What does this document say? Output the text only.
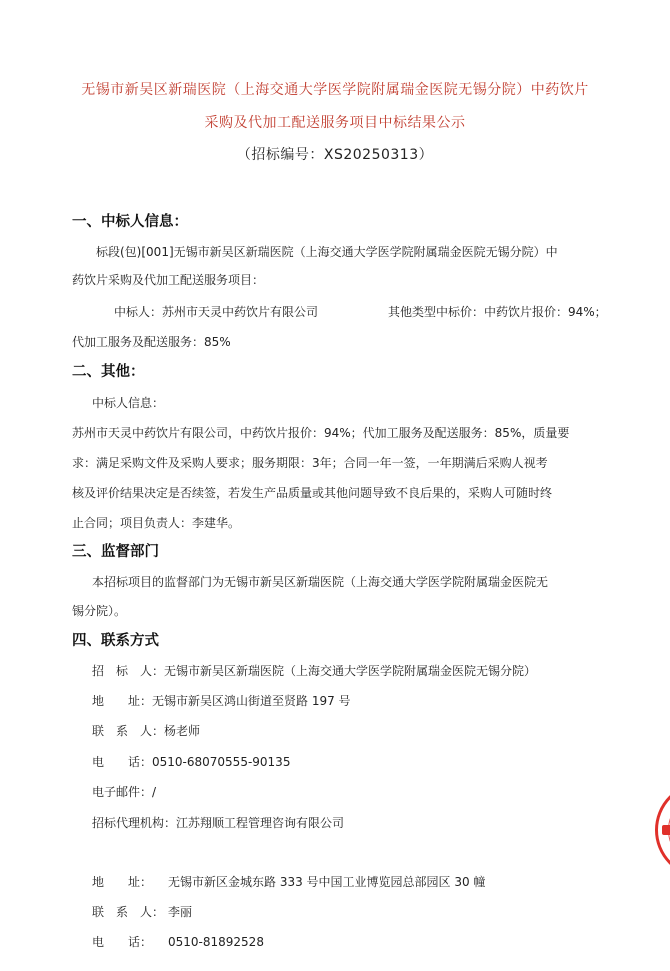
无锡市新吴区新瑞医院（上海交通大学医学院附属瑞金医院无锡分院）中药饮片
采购及代加工配送服务项目中标结果公示
（招标编号：XS20250313）
一、中标人信息：
标段(包)[001]无锡市新吴区新瑞医院（上海交通大学医学院附属瑞金医院无锡分院）中
药饮片采购及代加工配送服务项目：
中标人：苏州市天灵中药饮片有限公司	其他类型中标价：中药饮片报价：94%；
代加工服务及配送服务：85%
二、其他：
中标人信息：
苏州市天灵中药饮片有限公司，中药饮片报价：94%；代加工服务及配送服务：85%，质量要
求：满足采购文件及采购人要求；服务期限：3年；合同一年一签，一年期满后采购人视考
核及评价结果决定是否续签，若发生产品质量或其他问题导致不良后果的，采购人可随时终
止合同；项目负责人：李建华。
三、监督部门
本招标项目的监督部门为无锡市新吴区新瑞医院（上海交通大学医学院附属瑞金医院无
锡分院）。
四、联系方式
招　标　人：无锡市新吴区新瑞医院（上海交通大学医学院附属瑞金医院无锡分院）
地　　址：无锡市新吴区鸿山街道至贤路 197 号
联　系　人：杨老师
电　　话：0510-68070555-90135
电子邮件：/
招标代理机构：江苏翔顺工程管理咨询有限公司
地　　址： 无锡市新区金城东路 333 号中国工业博览园总部园区 30 幢
联　系　人： 李丽
电　　话： 0510-81892528
